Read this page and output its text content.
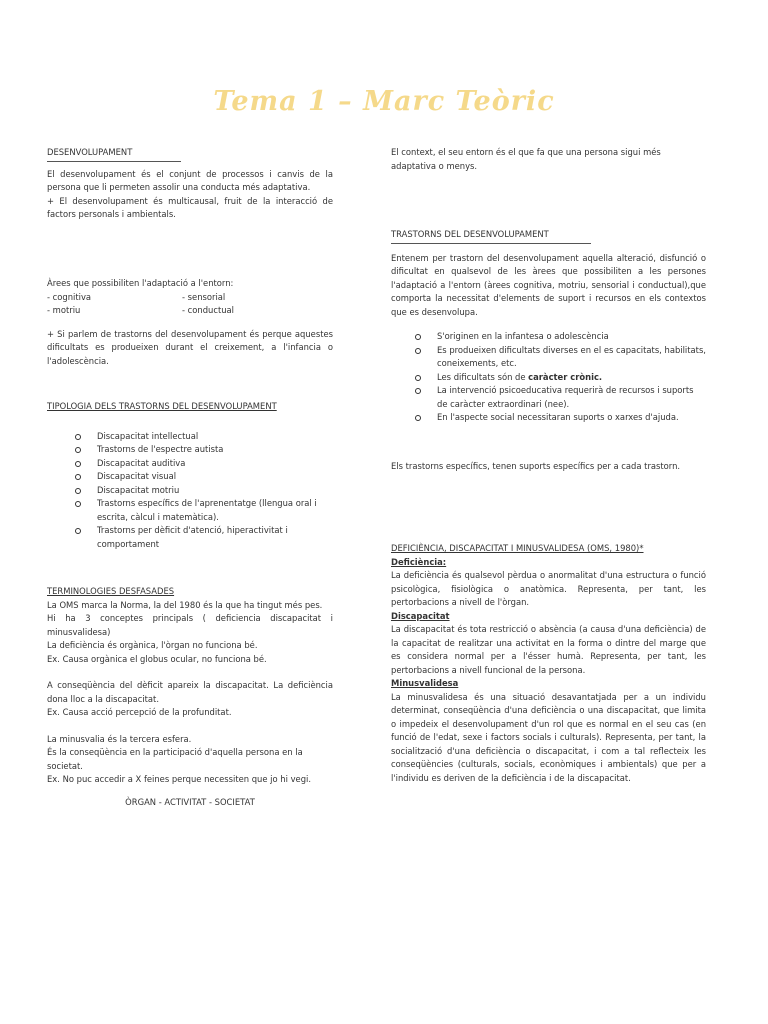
Tema 1 – Marc Teòric
DESENVOLUPAMENT
El desenvolupament és el conjunt de processos i canvis de la persona que li permeten assolir una conducta més adaptativa.
+ El desenvolupament és multicausal, fruit de la interacció de factors personals i ambientals.
Àrees que possibiliten l'adaptació a l'entorn:
- cognitiva
- motriu
- sensorial
- conductual
+ Si parlem de trastorns del desenvolupament és perque aquestes dificultats es produeixen durant el creixement, a l'infancia o l'adolescència.
TIPOLOGIA DELS TRASTORNS DEL DESENVOLUPAMENT
Discapacitat intellectual
Trastorns de l'espectre autista
Discapacitat auditiva
Discapacitat visual
Discapacitat motriu
Trastorns específics de l'aprenentatge (llengua oral i escrita, càlcul i matemàtica).
Trastorns per dèficit d'atenció, hiperactivitat i comportament
TERMINOLOGIES DESFASADES
La OMS marca la Norma, la del 1980 és la que ha tingut més pes.
Hi ha 3 conceptes principals ( deficiencia discapacitat i minusvalidesa)
La deficiència és orgànica, l'òrgan no funciona bé.
Ex. Causa orgànica el globus ocular, no funciona bé.
A conseqüència del dèficit apareix la discapacitat. La deficiència dona lloc a la discapacitat.
Ex. Causa acció percepció de la profunditat.
La minusvalia és la tercera esfera.
És la conseqüència en la participació d'aquella persona en la societat.
Ex. No puc accedir a X feines perque necessiten que jo hi vegi.
ÒRGAN - ACTIVITAT - SOCIETAT
El context, el seu entorn és el que fa que una persona sigui més adaptativa o menys.
TRASTORNS DEL DESENVOLUPAMENT
Entenem per trastorn del desenvolupament aquella alteració, disfunció o dificultat en qualsevol de les àrees que possibiliten a les persones l'adaptació a l'entorn (àrees cognitiva, motriu, sensorial i conductual),que comporta la necessitat d'elements de suport i recursos en els contextos que es desenvolupa.
S'originen en la infantesa o adolescència
Es produeixen dificultats diverses en el es capacitats, habilitats, coneixements, etc.
Les dificultats són de caràcter crònic.
La intervenció psicoeducativa requerirà de recursos i suports de caràcter extraordinari (nee).
En l'aspecte social necessitaran suports o xarxes d'ajuda.
Els trastorns específics, tenen suports específics per a cada trastorn.
DEFICIÈNCIA, DISCAPACITAT I MINUSVALIDESA (OMS, 1980)*
Deficiència:
La deficiència és qualsevol pèrdua o anormalitat d'una estructura o funció psicològica, fisiològica o anatòmica. Representa, per tant, les pertorbacions a nivell de l'òrgan.
Discapacitat
La discapacitat és tota restricció o absència (a causa d'una deficiència) de la capacitat de realitzar una activitat en la forma o dintre del marge que es considera normal per a l'ésser humà. Representa, per tant, les pertorbacions a nivell funcional de la persona.
Minusvalidesa
La minusvalidesa és una situació desavantatjada per a un individu determinat, conseqüència d'una deficiència o una discapacitat, que limita o impedeix el desenvolupament d'un rol que es normal en el seu cas (en funció de l'edat, sexe i factors socials i culturals). Representa, per tant, la socialització d'una deficiència o discapacitat, i com a tal reflecteix les conseqüències (culturals, socials, econòmiques i ambientals) que per a l'individu es deriven de la deficiència i de la discapacitat.
